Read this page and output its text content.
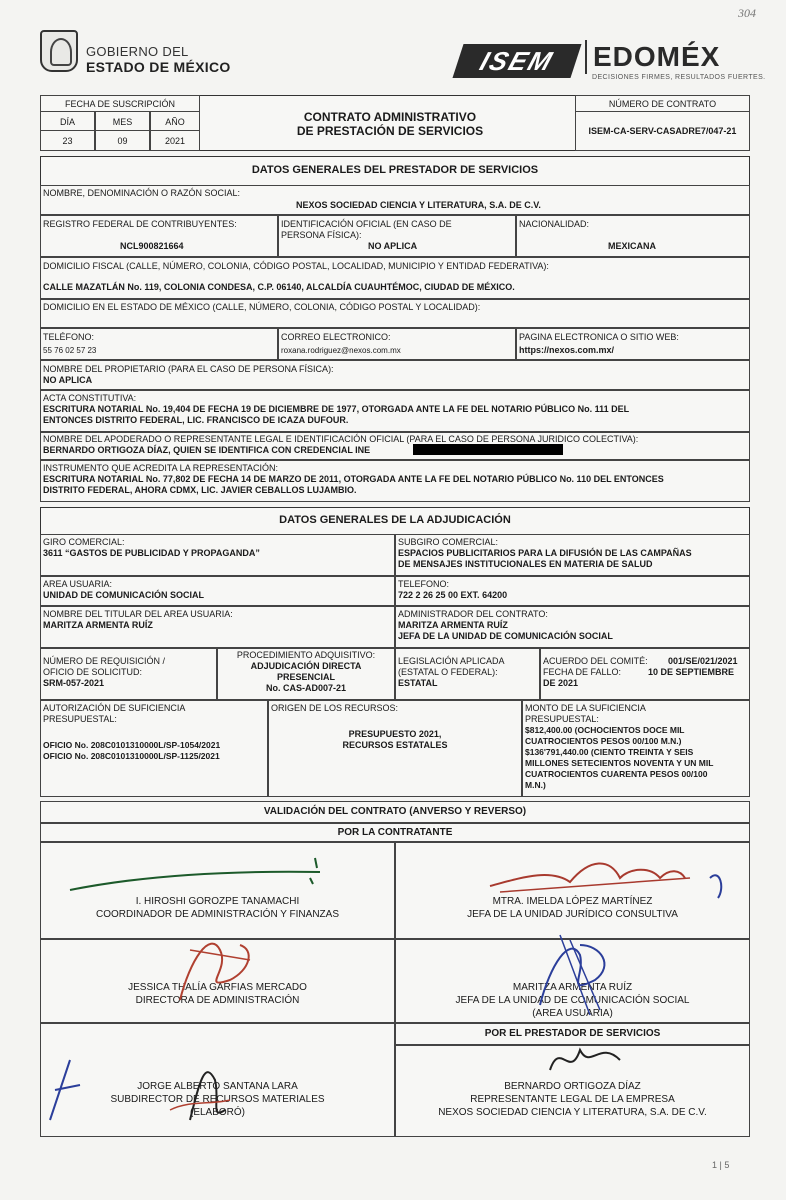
GOBIERNO DEL
ESTADO DE MÉXICO	ISEM	EDOMÉX
DECISIONES FIRMES, RESULTADOS FUERTES.
304
FECHA DE SUSCRIPCIÓN
DÍA	MES	AÑO
23	09	2021
CONTRATO ADMINISTRATIVO
DE PRESTACIÓN DE SERVICIOS
NÚMERO DE CONTRATO
ISEM-CA-SERV-CASADRE7/047-21
DATOS GENERALES DEL PRESTADOR DE SERVICIOS
NOMBRE, DENOMINACIÓN O RAZÓN SOCIAL:
NEXOS SOCIEDAD CIENCIA Y LITERATURA, S.A. DE C.V.
REGISTRO FEDERAL DE CONTRIBUYENTES:
NCL900821664
IDENTIFICACIÓN OFICIAL (EN CASO DE
PERSONA FÍSICA):
NO APLICA
NACIONALIDAD:
MEXICANA
DOMICILIO FISCAL (CALLE, NÚMERO, COLONIA, CÓDIGO POSTAL, LOCALIDAD, MUNICIPIO Y ENTIDAD FEDERATIVA):
CALLE MAZATLÁN No. 119, COLONIA CONDESA, C.P. 06140, ALCALDÍA CUAUHTÉMOC, CIUDAD DE MÉXICO.
DOMICILIO EN EL ESTADO DE MÉXICO (CALLE, NÚMERO, COLONIA, CÓDIGO POSTAL Y LOCALIDAD):
TELÉFONO:
55 76 02 57 23
CORREO ELECTRONICO:
roxana.rodriguez@nexos.com.mx
PAGINA ELECTRONICA O SITIO WEB:
https://nexos.com.mx/
NOMBRE DEL PROPIETARIO (PARA EL CASO DE PERSONA FÍSICA):
NO APLICA
ACTA CONSTITUTIVA:
ESCRITURA NOTARIAL No. 19,404 DE FECHA 19 DE DICIEMBRE DE 1977, OTORGADA ANTE LA FE DEL NOTARIO PÚBLICO No. 111 DEL
ENTONCES DISTRITO FEDERAL, LIC. FRANCISCO DE ICAZA DUFOUR.
NOMBRE DEL APODERADO O REPRESENTANTE LEGAL E IDENTIFICACIÓN OFICIAL (PARA EL CASO DE PERSONA JURIDICO COLECTIVA):
BERNARDO ORTIGOZA DÍAZ, QUIEN SE IDENTIFICA CON CREDENCIAL INE
INSTRUMENTO QUE ACREDITA LA REPRESENTACIÓN:
ESCRITURA NOTARIAL No. 77,802 DE FECHA 14 DE MARZO DE 2011, OTORGADA ANTE LA FE DEL NOTARIO PÚBLICO No. 110 DEL ENTONCES
DISTRITO FEDERAL, AHORA CDMX, LIC. JAVIER CEBALLOS LUJAMBIO.
DATOS GENERALES DE LA ADJUDICACIÓN
GIRO COMERCIAL:
3611 “GASTOS DE PUBLICIDAD Y PROPAGANDA”
SUBGIRO COMERCIAL:
ESPACIOS PUBLICITARIOS PARA LA DIFUSIÓN DE LAS CAMPAÑAS
DE MENSAJES INSTITUCIONALES EN MATERIA DE SALUD
AREA USUARIA:
UNIDAD DE COMUNICACIÓN SOCIAL
TELEFONO:
722 2 26 25 00 EXT. 64200
NOMBRE DEL TITULAR DEL AREA USUARIA:
MARITZA ARMENTA RUÍZ
ADMINISTRADOR DEL CONTRATO:
MARITZA ARMENTA RUÍZ
JEFA DE LA UNIDAD DE COMUNICACIÓN SOCIAL
NÚMERO DE REQUISICIÓN /
OFICIO DE SOLICITUD:
SRM-057-2021
PROCEDIMIENTO ADQUISITIVO:
ADJUDICACIÓN DIRECTA
PRESENCIAL
No. CAS-AD007-21
LEGISLACIÓN APLICADA
(ESTATAL O FEDERAL):
ESTATAL
ACUERDO DEL COMITÉ: 001/SE/021/2021
FECHA DE FALLO:	10 DE SEPTIEMBRE
DE 2021
AUTORIZACIÓN DE SUFICIENCIA
PRESUPUESTAL:
OFICIO No. 208C0101310000L/SP-1054/2021
OFICIO No. 208C0101310000L/SP-1125/2021
ORIGEN DE LOS RECURSOS:
PRESUPUESTO 2021,
RECURSOS ESTATALES
MONTO DE LA SUFICIENCIA
PRESUPUESTAL:
$812,400.00 (OCHOCIENTOS DOCE MIL
CUATROCIENTOS PESOS 00/100 M.N.)
$136'791,440.00 (CIENTO TREINTA Y SEIS
MILLONES SETECIENTOS NOVENTA Y UN MIL
CUATROCIENTOS CUARENTA PESOS 00/100
M.N.)
VALIDACIÓN DEL CONTRATO (ANVERSO Y REVERSO)
POR LA CONTRATANTE
I. HIROSHI GOROZPE TANAMACHI
COORDINADOR DE ADMINISTRACIÓN Y FINANZAS
MTRA. IMELDA LÓPEZ MARTÍNEZ
JEFA DE LA UNIDAD JURÍDICO CONSULTIVA
JESSICA THALÍA GARFIAS MERCADO
DIRECTORA DE ADMINISTRACIÓN
MARITZA ARMENTA RUÍZ
JEFA DE LA UNIDAD DE COMUNICACIÓN SOCIAL
(AREA USUARIA)
POR EL PRESTADOR DE SERVICIOS
JORGE ALBERTO SANTANA LARA
SUBDIRECTOR DE RECURSOS MATERIALES
(ELABORÓ)
BERNARDO ORTIGOZA DÍAZ
REPRESENTANTE LEGAL DE LA EMPRESA
NEXOS SOCIEDAD CIENCIA Y LITERATURA, S.A. DE C.V.
1 | 5
